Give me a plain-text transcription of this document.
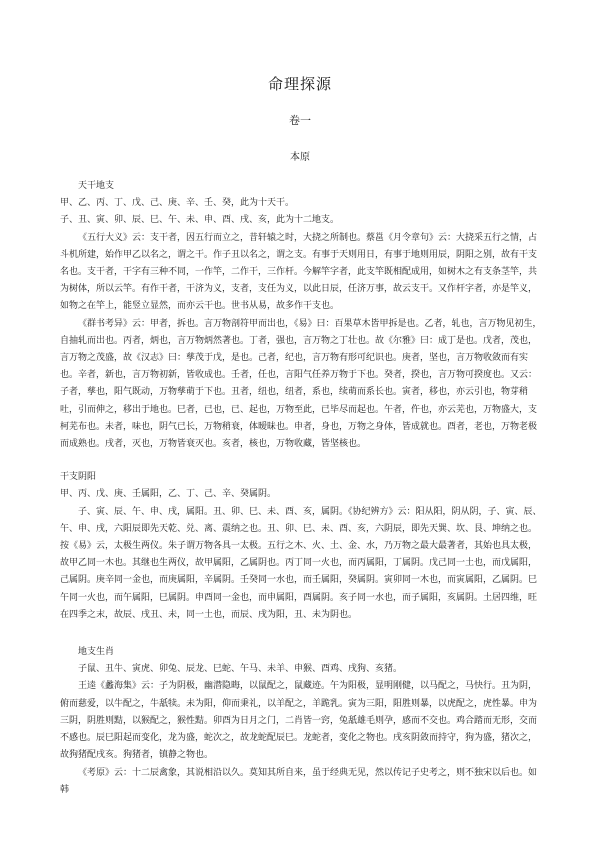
命理探源
卷一
本原

天干地支

甲、乙、丙、丁、戊、己、庚、辛、壬、癸，此为十天干。

子、丑、寅、卯、辰、巳、午、未、申、酉、戌、亥，此为十二地支。

《五行大义》云：支干者，因五行而立之，昔轩辕之时，大挠之所制也。蔡邕《月令章句》云：大挠采五行之情，占斗机所建，始作甲乙以名之，谓之干。作子丑以名之，谓之支。有事于天则用日，有事于地则用辰，阴阳之别，故有干支名也。支干者，干字有三种不同，一作竿，二作干，三作杆。今解竿字者，此支竿既相配成用，如树木之有支条茎竿，共为树体，所以云竿。有作干者，干济为义，支者，支任为义，以此日辰，任济万事，故云支干。又作杆字者，亦是竿义，如物之在竿上，能竖立显然，而亦云干也。世书从易，故多作干支也。

《群书考异》云：甲者，拆也。言万物剖符甲而出也，《易》曰：百果草木皆甲拆是也。乙者，轧也，言万物见初生，自抽轧而出也。丙者，炳也，言万物炳然著也。丁者，强也，言万物之丁壮也。故《尔雅》曰：成丁是也。戊者，茂也，言万物之茂盛，故《汉志》曰：孳茂于戊，是也。己者，纪也，言万物有形可纪识也。庚者，坚也，言万物收敛而有实也。辛者，新也，言万物初新，皆收成也。壬者，任也，言阳气任养万物于下也。癸者，揆也，言万物可揆度也。又云：子者，孳也，阳气既动，万物孳萌于下也。丑者，纽也，纽者，系也，续萌而系长也。寅者，移也，亦云引也，物芽稍吐，引而伸之，移出于地也。巳者，已也，已、起也，万物至此，已毕尽而起也。午者，仵也，亦云芜也，万物盛大，支柯芜布也。未者，味也，阴气已长，万物稍衰，体暧昧也。申者，身也，万物之身体，皆成就也。酉者，老也，万物老极而成熟也。戌者，灭也，万物皆衰灭也。亥者，核也，万物收藏，皆坚核也。

干支阴阳

甲、丙、戊、庚、壬属阳，乙、丁、己、辛、癸属阴。

子、寅、辰、午、申、戌，属阳。丑、卯、巳、未、酉、亥，属阴。《协纪辨方》云：阳从阳，阴从阴，子、寅、辰、午、申、戌，六阳辰即先天乾、兑、离、震纳之也。丑、卯、巳、未、酉、亥，六阴辰，即先天巽、坎、艮、坤纳之也。按《易》云，太极生两仪。朱子谓万物各具一太极。五行之木、火、土、金、水，乃万物之最大最著者，其始也具太极，故甲乙同一木也。其继也生两仪，故甲属阳，乙属阴也。丙丁同一火也，而丙属阳，丁属阴。戊己同一土也，而戊属阳，己属阴。庚辛同一金也，而庚属阳，辛属阴。壬癸同一水也，而壬属阳，癸属阴。寅卯同一木也，而寅属阳，乙属阴。巳午同一火也，而午属阳，巳属阴。申酉同一金也，而申属阳，酉属阴。亥子同一水也，而子属阳，亥属阴。土居四维，旺在四季之末，故辰、戌丑、未，同一土也，而辰、戌为阳，丑、未为阴也。

地支生肖

子鼠、丑牛、寅虎、卯兔、辰龙、巳蛇、午马、未羊、申猴、酉鸡、戌狗、亥猪。

王逵《蠡海集》云：子为阴极，幽潜隐晦，以鼠配之，鼠藏迹。午为阳极，显明刚健，以马配之，马快行。丑为阴，俯而慈爱，以牛配之，牛舐犊。未为阳，仰而秉礼，以羊配之，羊跪乳。寅为三阳，阳胜则暴，以虎配之，虎性暴。申为三阴，阴胜则黠，以猴配之，猴性黠。卯酉为日月之门，二肖皆一窍，兔舐雄毛则孕，感而不交也。鸡合踏而无形，交而不感也。辰巳阳起而变化，龙为盛，蛇次之，故龙蛇配辰巳。龙蛇者，变化之物也。戌亥阴敛而持守，狗为盛，猪次之，故狗猪配戌亥。狗猪者，镇静之物也。

《考原》云：十二辰禽象，其说相沿以久。莫知其所自来，虽于经典无见，然以传记子史考之，则不独宋以后也。如韩
